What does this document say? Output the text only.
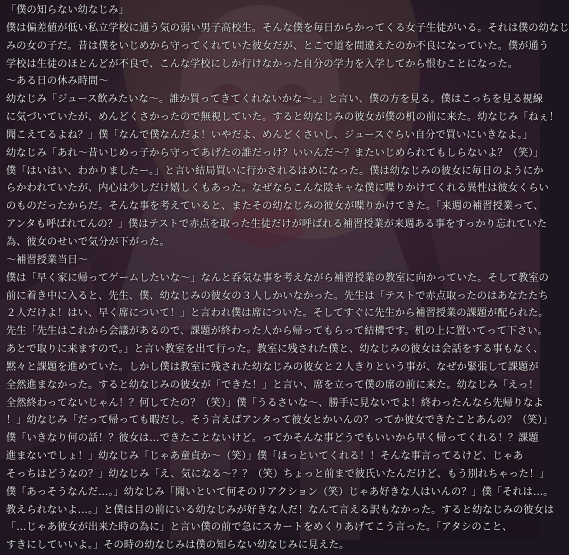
「僕の知らない幼なじみ」
僕は偏差値が低い私立学校に通う気の弱い男子高校生。そんな僕を毎日からかってくる女子生徒がいる。それは僕の幼なじ
みの女の子だ。昔は僕をいじめから守ってくれていた彼女だが、とこで道を間違えたのか不良になっていた。僕が通う
学校は生徒のほとんどが不良で、こんな学校にしか行けなかった自分の学力を入学してから恨むことになった。
〜ある日の休み時間〜
幼なじみ「ジュース飲みたいな〜。誰か買ってきてくれないかな〜。」と言い、僕の方を見る。僕はこっちを見る視線
に気づいていたが、めんどくさかったので無視していた。すると幼なじみの彼女が僕の机の前に来た。幼なじみ「ねぇ！
聞こえてるよね？」僕「なんで僕なんだよ！いやだよ、めんどくさいし、ジュースぐらい自分で買いにいきなよ。」
幼なじみ「あれ〜昔いじめっ子から守ってあげたの誰だっけ？いいんだ〜？またいじめられてもしらないよ？（笑）」
僕「はいはい、わかりましたー。」と言い結局買いに行かされるはめになった。僕は幼なじみの彼女に毎日のようにか
らかわれていたが、内心は少しだけ嬉しくもあった。なぜならこんな陰キャな僕に喋りかけてくれる異性は彼女くらい
のものだったからだ。そんな事を考えていると、またその幼なじみの彼女が喋りかけてきた。「来週の補習授業って、
アンタも呼ばれてんの？」僕はテストで赤点を取った生徒だけが呼ばれる補習授業が来週ある事をすっかり忘れていた
為、彼女のせいで気分が下がった。
〜補習授業当日〜
僕は「早く家に帰ってゲームしたいな〜」なんと呑気な事を考えながら補習授業の教室に向かっていた。そして教室の
前に着き中に入ると、先生、僕、幼なじみの彼女の３人しかいなかった。先生は「テストで赤点取ったのはあなたたち
２人だけよ！はい、早く席について！」と言われ僕は席についた。そしてすぐに先生から補習授業の課題が配られた。
先生「先生はこれから会議があるので、課題が終わった人から帰ってもらって結構です。机の上に置いてって下さい。
あとで取りに来ますので。」と言い教室を出て行った。教室に残された僕と、幼なじみの彼女は会話をする事もなく、
黙々と課題を進めていた。しかし僕は教室に残された幼なじみの彼女と２人きりという事が、なぜか緊張して課題が
全然進まなかった。すると幼なじみの彼女が「できた！」と言い、席を立って僕の席の前に来た。幼なじみ「えっ！
全然終わってないじゃん！？何してたの？（笑）」僕「うるさいな〜、勝手に見ないでよ！終わったんなら先帰りなよ
！」幼なじみ「だって帰っても暇だし。そう言えばアンタって彼女とかいんの？ってか彼女できたことあんの？（笑）」
僕「いきなり何の話！？彼女は…できたことないけど。ってかそんな事どうでもいいから早く帰ってくれる！？課題
進まないでしょ！」幼なじみ「じゃあ童貞か〜（笑）」僕「ほっといてくれる！！そんな事言ってるけど、じゃあ
そっちはどうなの？」幼なじみ「え、気になる〜？？（笑）ちょっと前まで彼氏いたんだけど、もう別れちゃった！」
僕「あっそうなんだ…。」幼なじみ「聞いといて何そのリアクション（笑）じゃあ好きな人はいんの？」僕「それは…。
教えられないよ…。」と僕は目の前にいる幼なじみが好きな人だ！なんて言える訳もなかった。すると幼なじみの彼女は
「…じゃあ彼女が出来た時の為に」と言い僕の前で急にスカートをめくりあげてこう言った。「アタシのこと、
すきにしていいよ。」その時の幼なじみは僕の知らない幼なじみに見えた。
